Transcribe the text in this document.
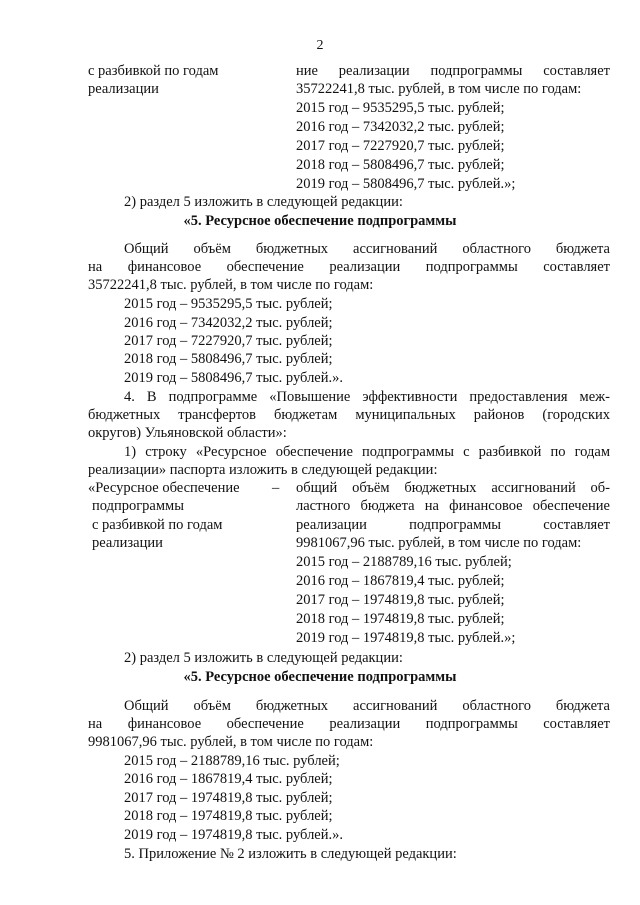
2
с разбивкой по годам
реализации
ние реализации подпрограммы составляет
35722241,8 тыс. рублей, в том числе по годам:
2015 год – 9535295,5 тыс. рублей;
2016 год – 7342032,2 тыс. рублей;
2017 год – 7227920,7 тыс. рублей;
2018 год – 5808496,7 тыс. рублей;
2019 год – 5808496,7 тыс. рублей.»;
2) раздел 5 изложить в следующей редакции:
«5. Ресурсное обеспечение подпрограммы
Общий объём бюджетных ассигнований областного бюджета
на финансовое обеспечение реализации подпрограммы составляет
35722241,8 тыс. рублей, в том числе по годам:
2015 год – 9535295,5 тыс. рублей;
2016 год – 7342032,2 тыс. рублей;
2017 год – 7227920,7 тыс. рублей;
2018 год – 5808496,7 тыс. рублей;
2019 год – 5808496,7 тыс. рублей.».
4. В подпрограмме «Повышение эффективности предоставления меж-
бюджетных трансфертов бюджетам муниципальных районов (городских
округов) Ульяновской области»:
1) строку «Ресурсное обеспечение подпрограммы с разбивкой по годам
реализации» паспорта изложить в следующей редакции:
«Ресурсное обеспечение
подпрограммы
с разбивкой по годам
реализации
– общий объём бюджетных ассигнований об-
ластного бюджета на финансовое обеспечение
реализации подпрограммы составляет
9981067,96 тыс. рублей, в том числе по годам:
2015 год – 2188789,16 тыс. рублей;
2016 год – 1867819,4 тыс. рублей;
2017 год – 1974819,8 тыс. рублей;
2018 год – 1974819,8 тыс. рублей;
2019 год – 1974819,8 тыс. рублей.»;
2) раздел 5 изложить в следующей редакции:
«5. Ресурсное обеспечение подпрограммы
Общий объём бюджетных ассигнований областного бюджета
на финансовое обеспечение реализации подпрограммы составляет
9981067,96 тыс. рублей, в том числе по годам:
2015 год – 2188789,16 тыс. рублей;
2016 год – 1867819,4 тыс. рублей;
2017 год – 1974819,8 тыс. рублей;
2018 год – 1974819,8 тыс. рублей;
2019 год – 1974819,8 тыс. рублей.».
5. Приложение № 2 изложить в следующей редакции:
